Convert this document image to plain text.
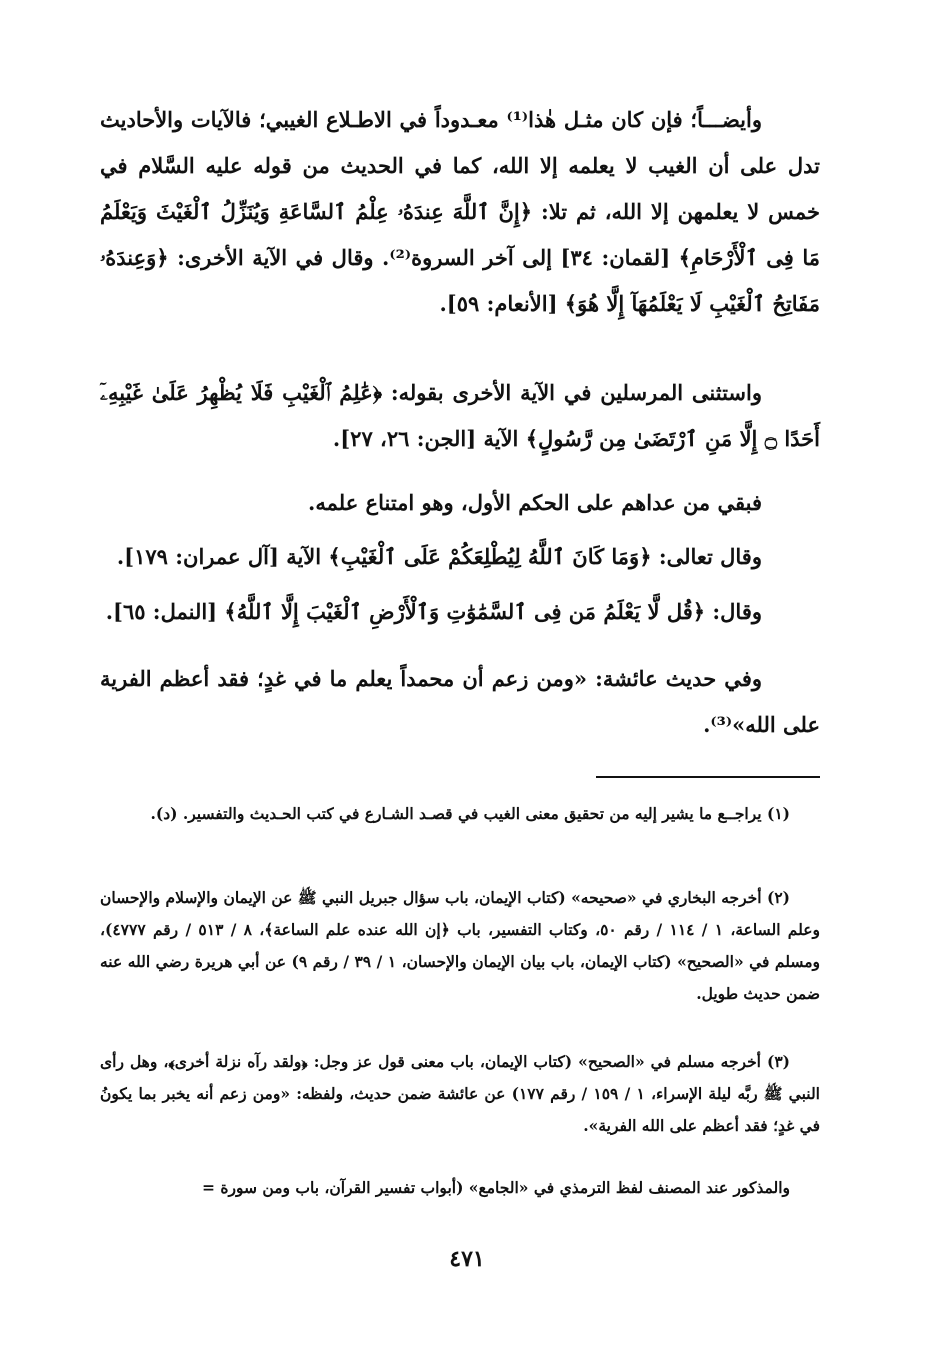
وأيضـــاً؛ فإن كان مثـل هٰذا⁽¹⁾ معـدوداً في الاطـلاع الغيبي؛ فالآيات والأحاديث تدل على أن الغيب لا يعلمه إلا الله، كما في الحديث من قوله عليه السَّلام في خمس لا يعلمهن إلا الله، ثم تلا: ﴿إِنَّ ٱللَّهَ عِندَهُۥ عِلْمُ ٱلسَّاعَةِ وَيُنَزِّلُ ٱلْغَيْثَ وَيَعْلَمُ مَا فِى ٱلْأَرْحَامِ﴾ [لقمان: ٣٤] إلى آخر السروة⁽²⁾. وقال في الآية الأخرى: ﴿وَعِندَهُۥ مَفَاتِحُ ٱلْغَيْبِ لَا يَعْلَمُهَآ إِلَّا هُوَ﴾ [الأنعام: ٥٩].

واستثنى المرسلين في الآية الأخرى بقوله: ﴿عَٰلِمُ ٱلْغَيْبِ فَلَا يُظْهِرُ عَلَىٰ غَيْبِهِۦٓ أَحَدًا ۝ إِلَّا مَنِ ٱرْتَضَىٰ مِن رَّسُولٍ﴾ الآية [الجن: ٢٦، ٢٧].

فبقي من عداهم على الحكم الأول، وهو امتناع علمه.

وقال تعالى: ﴿وَمَا كَانَ ٱللَّهُ لِيُطْلِعَكُمْ عَلَى ٱلْغَيْبِ﴾ الآية [آل عمران: ١٧٩].

وقال: ﴿قُل لَّا يَعْلَمُ مَن فِى ٱلسَّمَٰوَٰتِ وَٱلْأَرْضِ ٱلْغَيْبَ إِلَّا ٱللَّهُ﴾ [النمل: ٦٥].

وفي حديث عائشة: «ومن زعم أن محمداً يعلم ما في غدٍ؛ فقد أعظم الفرية على الله»⁽³⁾.

(١) يراجــع ما يشير إليه من تحقيق معنى الغيب في قصـد الشـارع في كتب الحـديث والتفسير. (د).

(٢) أخرجه البخاري في «صحيحه» (كتاب الإيمان، باب سؤال جبريل النبي ﷺ عن الإيمان والإسلام والإحسان وعلم الساعة، ١ / ١١٤ / رقم ٥٠، وكتاب التفسير، باب ﴿إن الله عنده علم الساعة﴾، ٨ / ٥١٣ / رقم ٤٧٧٧)، ومسلم في «الصحيح» (كتاب الإيمان، باب بيان الإيمان والإحسان، ١ / ٣٩ / رقم ٩) عن أبي هريرة رضي الله عنه ضمن حديث طويل.

(٣) أخرجه مسلم في «الصحيح» (كتاب الإيمان، باب معنى قول عز وجل: ﴿ولقد رآه نزلة أخرى﴾، وهل رأى النبي ﷺ ربَّه ليلة الإسراء، ١ / ١٥٩ / رقم ١٧٧) عن عائشة ضمن حديث، ولفظه: «ومن زعم أنه يخبر بما يكونُ في غدٍ؛ فقد أعظم على الله الفرية».

والمذكور عند المصنف لفظ الترمذي في «الجامع» (أبواب تفسير القرآن، باب ومن سورة =

٤٧١
